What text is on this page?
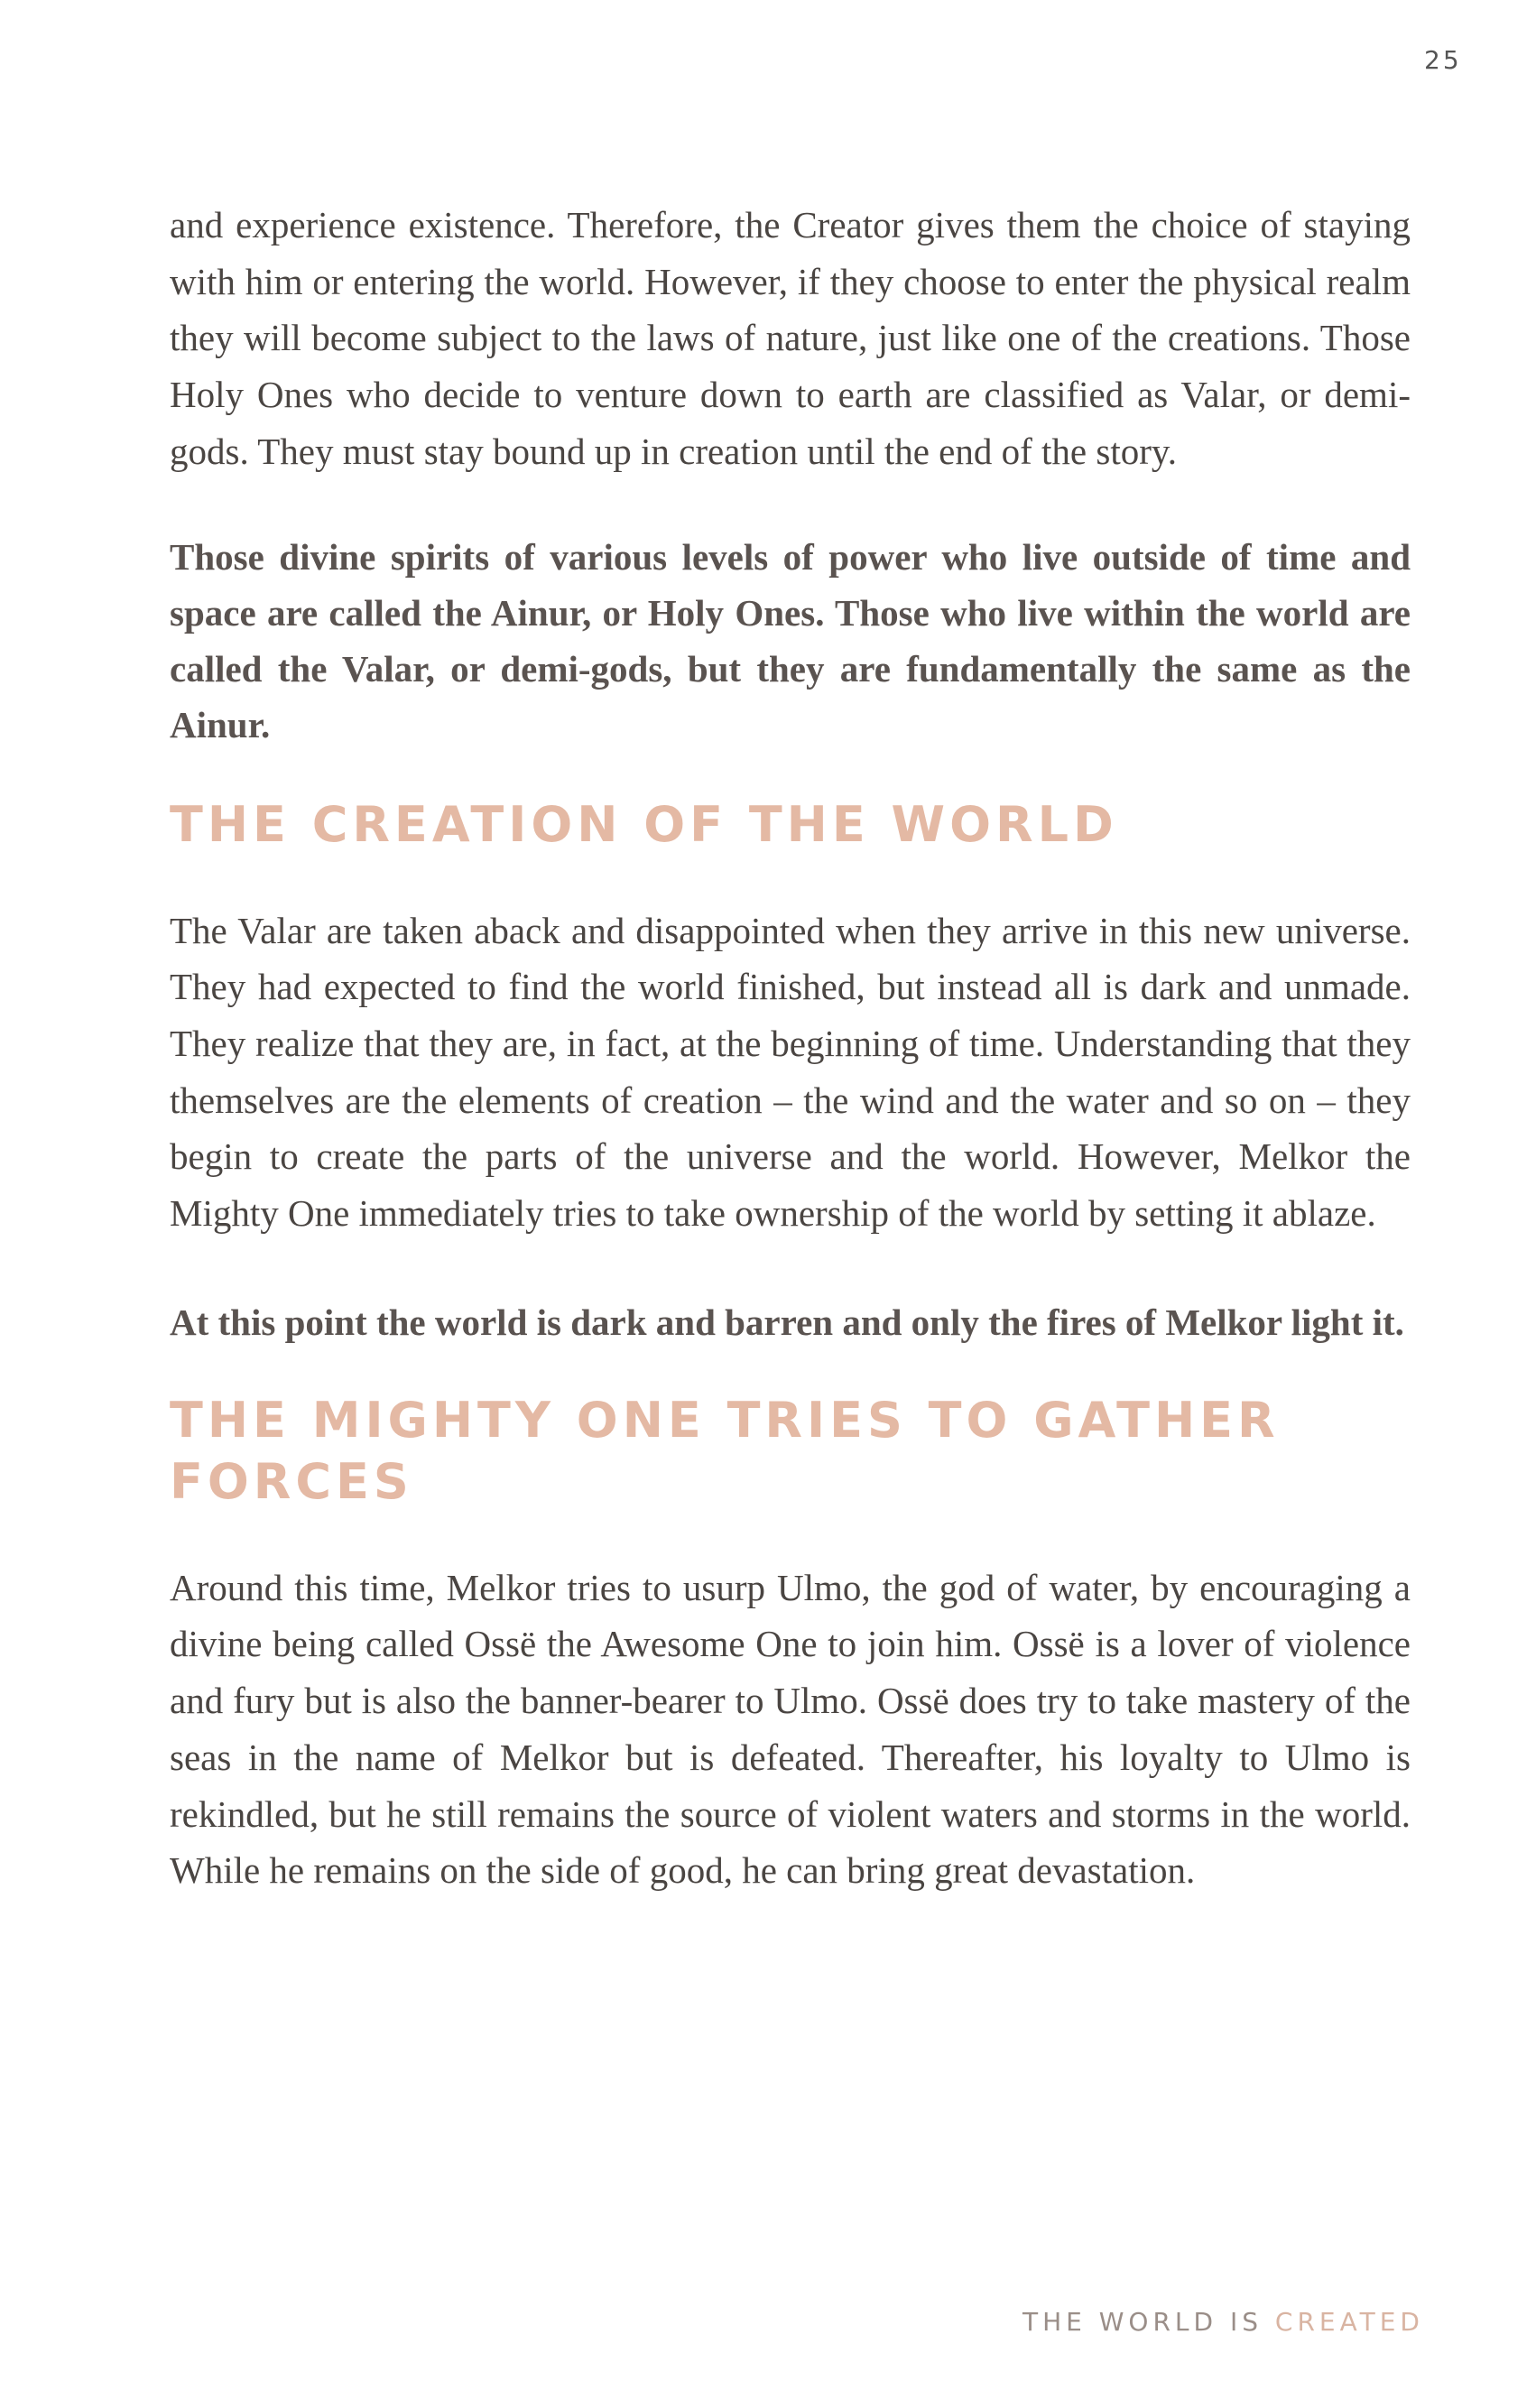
25

and experience existence. Therefore, the Creator gives them the choice of staying with him or entering the world. However, if they choose to enter the physical realm they will become subject to the laws of nature, just like one of the creations. Those Holy Ones who decide to venture down to earth are classified as Valar, or demi-gods. They must stay bound up in creation until the end of the story.

Those divine spirits of various levels of power who live outside of time and space are called the Ainur, or Holy Ones. Those who live within the world are called the Valar, or demi-gods, but they are fundamentally the same as the Ainur.

THE CREATION OF THE WORLD

The Valar are taken aback and disappointed when they arrive in this new universe. They had expected to find the world finished, but instead all is dark and unmade. They realize that they are, in fact, at the beginning of time. Understanding that they themselves are the elements of creation – the wind and the water and so on – they begin to create the parts of the universe and the world. However, Melkor the Mighty One immediately tries to take ownership of the world by setting it ablaze.

At this point the world is dark and barren and only the fires of Melkor light it.

THE MIGHTY ONE TRIES TO GATHER FORCES

Around this time, Melkor tries to usurp Ulmo, the god of water, by encouraging a divine being called Ossë the Awesome One to join him. Ossë is a lover of violence and fury but is also the banner-bearer to Ulmo. Ossë does try to take mastery of the seas in the name of Melkor but is defeated. Thereafter, his loyalty to Ulmo is rekindled, but he still remains the source of violent waters and storms in the world. While he remains on the side of good, he can bring great devastation.

THE WORLD IS CREATED
